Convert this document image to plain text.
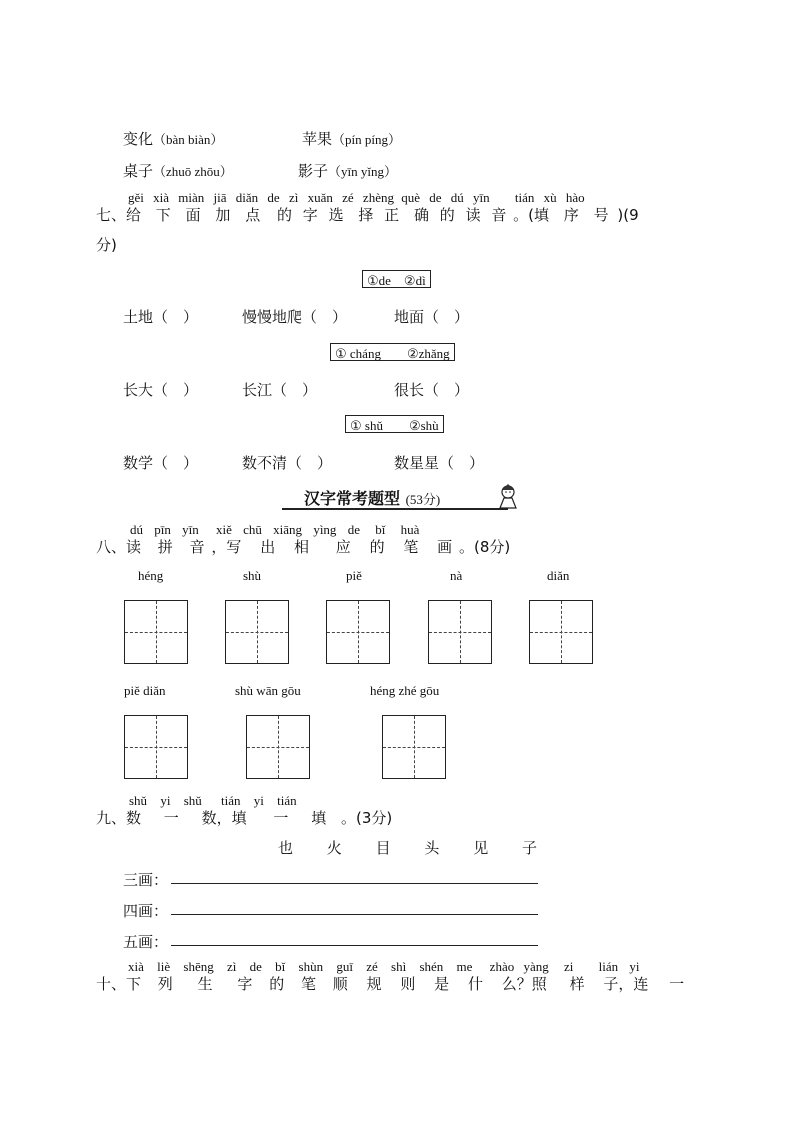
变化（bàn biàn）	苹果（pín píng）
桌子（zhuō zhōu）	影子（yīn yǐng）
gěi xià miàn jiā diǎn de zì xuǎn zé zhèng què de dú yīn tián xù hào
七、给 下 面 加 点 的 字 选 择 正 确 的 读 音 。(填 序 号 )(9
分)
①de　②dì
土地（　）	慢慢地爬（　）	地面（　）
① cháng　　②zhǎng
长大（　）	长江（　）	很长（　）
① shǔ　　②shù
数学（　）	数不清（　）	数星星（　）
汉字常考题型 (53分)
dú pīn yīn xiě chū xiāng yìng de bǐ huà
八、读 拼 音 ，写 出 相 应 的 笔 画 。(8分)
héng	shù	piě	nà	diǎn
piě diǎn	shù wān gōu	héng zhé gōu
shǔ yi shǔ tián yi tián
九、数 一 数，填 一 填 。(3分)
也 火 目 头 见 子
三画：
四画：
五画：
xià liè shēng zì de bǐ shùn guī zé shì shén me zhào yàng zi lián yi
十、下 列 生 字 的 笔 顺 规 则 是 什 么？照 样 子，连 一
